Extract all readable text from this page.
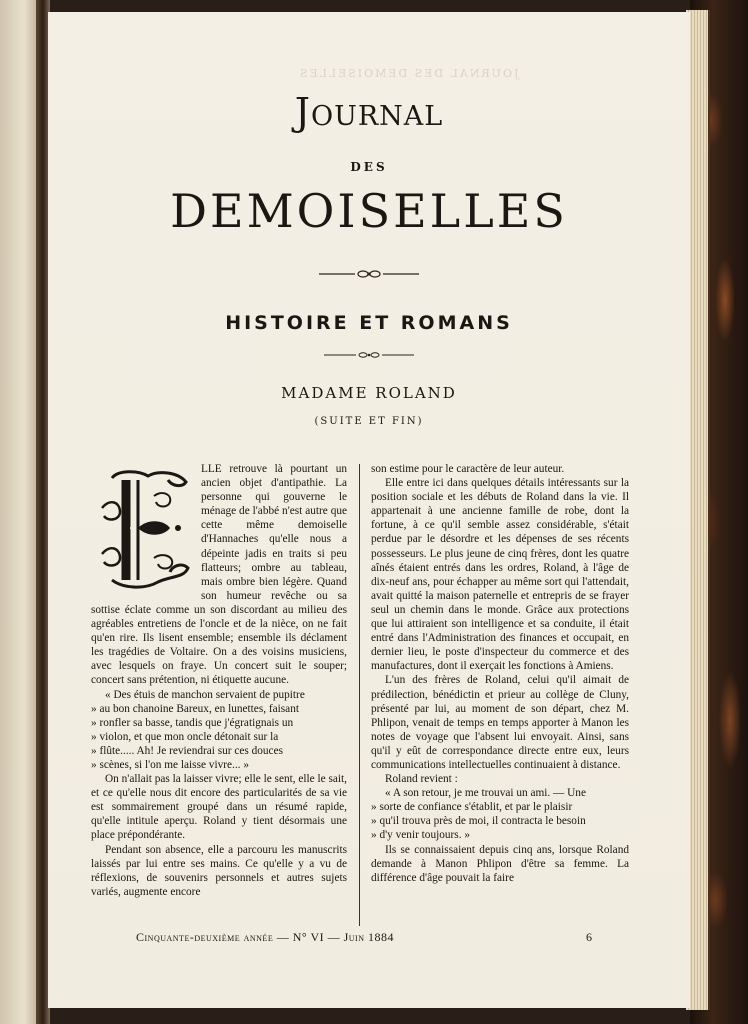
JOURNAL DES DEMOISELLES
Journal
DES
DEMOISELLES
HISTOIRE ET ROMANS
MADAME ROLAND
(SUITE ET FIN)

LLE retrouve là pourtant un ancien objet d'antipathie. La personne qui gouverne le ménage de l'abbé n'est autre que cette même demoiselle d'Hannaches qu'elle nous a dépeinte jadis en traits si peu flatteurs; ombre au tableau, mais ombre bien légère. Quand son humeur revêche ou sa sottise éclate comme un son discordant au milieu des agréables entretiens de l'oncle et de la nièce, on ne fait qu'en rire. Ils lisent ensemble; ensemble ils déclament les tragédies de Voltaire. On a des voisins musiciens, avec lesquels on fraye. Un concert suit le souper; concert sans prétention, ni étiquette aucune.

« Des étuis de manchon servaient de pupitre
» au bon chanoine Bareux, en lunettes, faisant
» ronfler sa basse, tandis que j'égratignais un
» violon, et que mon oncle détonait sur la
» flûte..... Ah! Je reviendrai sur ces douces
» scènes, si l'on me laisse vivre... »

On n'allait pas la laisser vivre; elle le sent, elle le sait, et ce qu'elle nous dit encore des particularités de sa vie est sommairement groupé dans un résumé rapide, qu'elle intitule aperçu. Roland y tient désormais une place prépondérante.

Pendant son absence, elle a parcouru les manuscrits laissés par lui entre ses mains. Ce qu'elle y a vu de réflexions, de souvenirs personnels et autres sujets variés, augmente encore

son estime pour le caractère de leur auteur.

Elle entre ici dans quelques détails intéressants sur la position sociale et les débuts de Roland dans la vie. Il appartenait à une ancienne famille de robe, dont la fortune, à ce qu'il semble assez considérable, s'était perdue par le désordre et les dépenses de ses récents possesseurs. Le plus jeune de cinq frères, dont les quatre aînés étaient entrés dans les ordres, Roland, à l'âge de dix-neuf ans, pour échapper au même sort qui l'attendait, avait quitté la maison paternelle et entrepris de se frayer seul un chemin dans le monde. Grâce aux protections que lui attiraient son intelligence et sa conduite, il était entré dans l'Administration des finances et occupait, en dernier lieu, le poste d'inspecteur du commerce et des manufactures, dont il exerçait les fonctions à Amiens.

L'un des frères de Roland, celui qu'il aimait de prédilection, bénédictin et prieur au collège de Cluny, présenté par lui, au moment de son départ, chez M. Phlipon, venait de temps en temps apporter à Manon les notes de voyage que l'absent lui envoyait. Ainsi, sans qu'il y eût de correspondance directe entre eux, leurs communications intellectuelles continuaient à distance.

Roland revient :

« A son retour, je me trouvai un ami. — Une
» sorte de confiance s'établit, et par le plaisir
» qu'il trouva près de moi, il contracta le besoin
» d'y venir toujours. »

Ils se connaissaient depuis cinq ans, lorsque Roland demande à Manon Phlipon d'être sa femme. La différence d'âge pouvait la faire

Cinquante-deuxième année — N° VI — Juin 1884	6
